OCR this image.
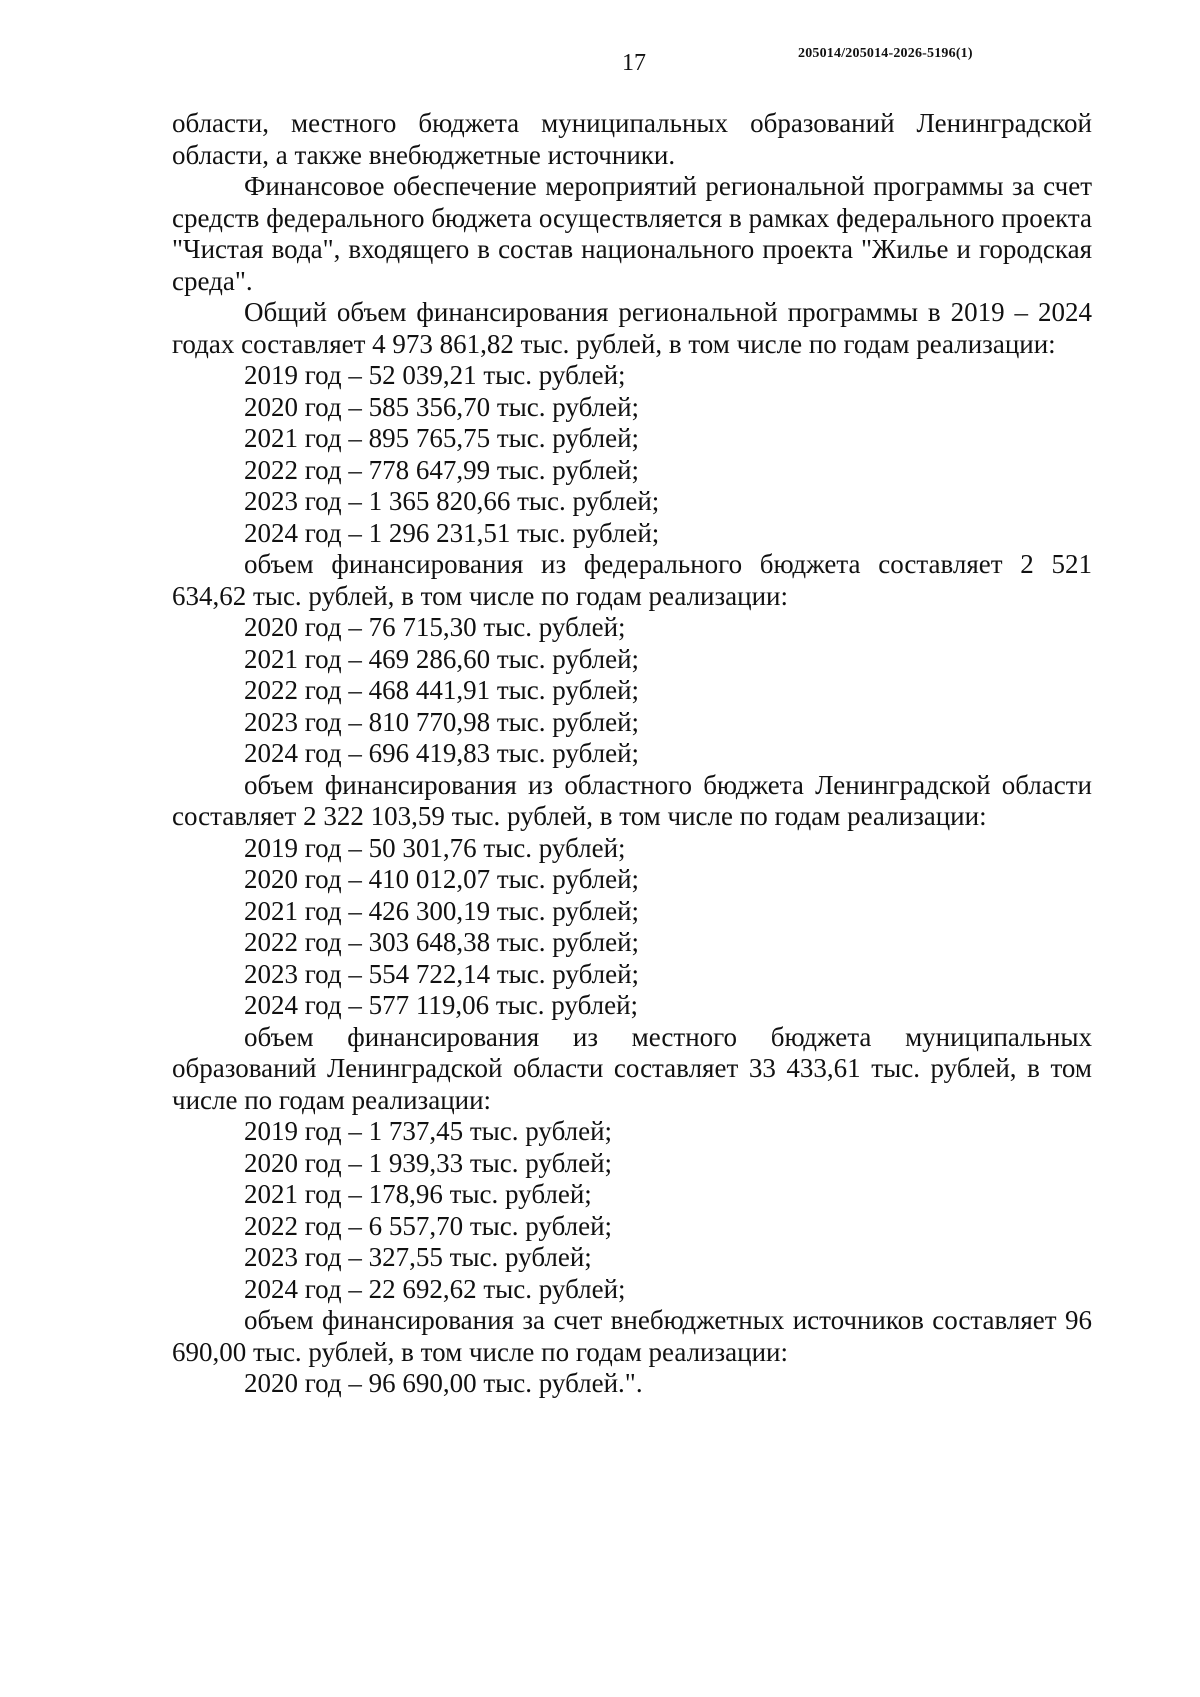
17	205014/205014-2026-5196(1)

области, местного бюджета муниципальных образований Ленинградской области, а также внебюджетные источники.

Финансовое обеспечение мероприятий региональной программы за счет средств федерального бюджета осуществляется в рамках федерального проекта "Чистая вода", входящего в состав национального проекта "Жилье и городская среда".

Общий объем финансирования региональной программы в 2019 – 2024 годах составляет 4 973 861,82 тыс. рублей, в том числе по годам реализации:

2019 год – 52 039,21 тыс. рублей;

2020 год – 585 356,70 тыс. рублей;

2021 год – 895 765,75 тыс. рублей;

2022 год – 778 647,99 тыс. рублей;

2023 год – 1 365 820,66 тыс. рублей;

2024 год – 1 296 231,51 тыс. рублей;

объем финансирования из федерального бюджета составляет 2 521 634,62 тыс. рублей, в том числе по годам реализации:

2020 год – 76 715,30 тыс. рублей;

2021 год – 469 286,60 тыс. рублей;

2022 год – 468 441,91 тыс. рублей;

2023 год – 810 770,98 тыс. рублей;

2024 год – 696 419,83 тыс. рублей;

объем финансирования из областного бюджета Ленинградской области составляет 2 322 103,59 тыс. рублей, в том числе по годам реализации:

2019 год – 50 301,76 тыс. рублей;

2020 год – 410 012,07 тыс. рублей;

2021 год – 426 300,19 тыс. рублей;

2022 год – 303 648,38 тыс. рублей;

2023 год – 554 722,14 тыс. рублей;

2024 год – 577 119,06 тыс. рублей;

объем финансирования из местного бюджета муниципальных образований Ленинградской области составляет 33 433,61 тыс. рублей, в том числе по годам реализации:

2019 год – 1 737,45 тыс. рублей;

2020 год – 1 939,33 тыс. рублей;

2021 год – 178,96 тыс. рублей;

2022 год – 6 557,70 тыс. рублей;

2023 год – 327,55 тыс. рублей;

2024 год – 22 692,62 тыс. рублей;

объем финансирования за счет внебюджетных источников составляет 96 690,00 тыс. рублей, в том числе по годам реализации:

2020 год – 96 690,00 тыс. рублей.".
